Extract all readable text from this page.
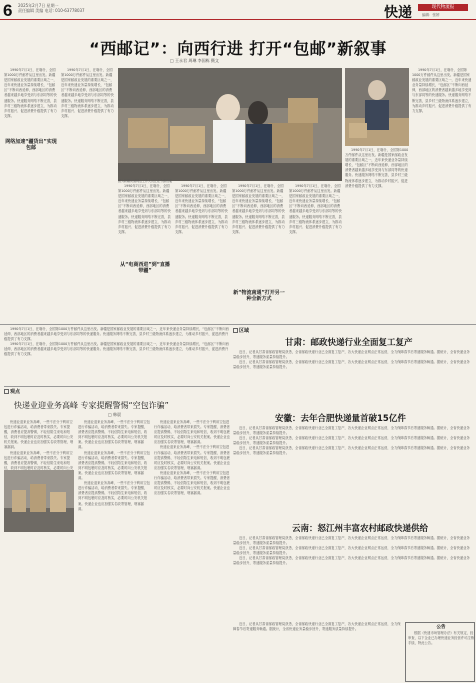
6 2025年2月7日 星期一
责任编辑 美编 电话: 010-63778037	快递	现代物流报
编辑：张婷
“西邮记”：向西行进 打开“包邮”新叙事
□ 王永君 周琳 李国栋 摄文

1990年7月1日，在喀什，全国第1000万件邮件从这里出发。新疆是国家邮政业发展的重要区域之一，近年来快递业务量持续增长，“包邮区”不断向西延伸，西部地区的消费者越来越多地享受到与东部同等的快递服务。快递服务网络不断完善，县乡村三级物流体系逐步建立，为推动乡村振兴、促进消费升级提供了有力支撑。

网络加速“疆货出”实现包邮

1990年7月1日，在喀什，全国第1000万件邮件从这里出发。新疆是国家邮政业发展的重要区域之一，近年来快递业务量持续增长，“包邮区”不断向西延伸，西部地区的消费者越来越多地享受到与东部同等的快递服务。快递服务网络不断完善，县乡村三级物流体系逐步建立，为推动乡村振兴、促进消费升级提供了有力支撑。

1990年7月1日，在喀什，全国第1000万件邮件从这里出发。新疆是国家邮政业发展的重要区域之一，近年来快递业务量持续增长，“包邮区”不断向西延伸，西部地区的消费者越来越多地享受到与东部同等的快递服务。快递服务网络不断完善，县乡村三级物流体系逐步建立，为推动乡村振兴、促进消费升级提供了有力支撑。

从“电商西进”到“直播带疆”

1990年7月1日，在喀什，全国第1000万件邮件从这里出发。新疆是国家邮政业发展的重要区域之一，近年来快递业务量持续增长，“包邮区”不断向西延伸，西部地区的消费者越来越多地享受到与东部同等的快递服务。快递服务网络不断完善，县乡村三级物流体系逐步建立，为推动乡村振兴、促进消费升级提供了有力支撑。

1990年7月1日，在喀什，全国第1000万件邮件从这里出发。新疆是国家邮政业发展的重要区域之一，近年来快递业务量持续增长，“包邮区”不断向西延伸，西部地区的消费者越来越多地享受到与东部同等的快递服务。快递服务网络不断完善，县乡村三级物流体系逐步建立，为推动乡村振兴、促进消费升级提供了有力支撑。

新“物流南通”打开另一种全新方式

1990年7月1日，在喀什，全国第1000万件邮件从这里出发。新疆是国家邮政业发展的重要区域之一，近年来快递业务量持续增长，“包邮区”不断向西延伸，西部地区的消费者越来越多地享受到与东部同等的快递服务。快递服务网络不断完善，县乡村三级物流体系逐步建立，为推动乡村振兴、促进消费升级提供了有力支撑。

1990年7月1日，在喀什，全国第1000万件邮件从这里出发。新疆是国家邮政业发展的重要区域之一，近年来快递业务量持续增长，“包邮区”不断向西延伸，西部地区的消费者越来越多地享受到与东部同等的快递服务。快递服务网络不断完善，县乡村三级物流体系逐步建立，为推动乡村振兴、促进消费升级提供了有力支撑。

1990年7月1日，在喀什，全国第1000万件邮件从这里出发。新疆是国家邮政业发展的重要区域之一，近年来快递业务量持续增长，“包邮区”不断向西延伸，西部地区的消费者越来越多地享受到与东部同等的快递服务。快递服务网络不断完善，县乡村三级物流体系逐步建立，为推动乡村振兴、促进消费升级提供了有力支撑。

图为新疆快递网点工作人员正在分拣包裹
区域
甘肃：邮政快递行业全面复工复产

近日，记者从甘肃省邮政管理局获悉，全省邮政快递行业已全面复工复产，各大快递企业网点正常运营，全力保障春节后寄递服务畅通。据统计，全省快递业务量稳步回升，寄递服务质量持续提升。

近日，记者从甘肃省邮政管理局获悉，全省邮政快递行业已全面复工复产，各大快递企业网点正常运营，全力保障春节后寄递服务畅通。据统计，全省快递业务量稳步回升，寄递服务质量持续提升。

安徽：去年合肥快递量首破15亿件

近日，记者从甘肃省邮政管理局获悉，全省邮政快递行业已全面复工复产，各大快递企业网点正常运营，全力保障春节后寄递服务畅通。据统计，全省快递业务量稳步回升，寄递服务质量持续提升。

近日，记者从甘肃省邮政管理局获悉，全省邮政快递行业已全面复工复产，各大快递企业网点正常运营，全力保障春节后寄递服务畅通。据统计，全省快递业务量稳步回升，寄递服务质量持续提升。

近日，记者从甘肃省邮政管理局获悉，全省邮政快递行业已全面复工复产，各大快递企业网点正常运营，全力保障春节后寄递服务畅通。据统计，全省快递业务量稳步回升，寄递服务质量持续提升。

云南：怒江州丰富农村邮政快递供给

近日，记者从甘肃省邮政管理局获悉，全省邮政快递行业已全面复工复产，各大快递企业网点正常运营，全力保障春节后寄递服务畅通。据统计，全省快递业务量稳步回升，寄递服务质量持续提升。

近日，记者从甘肃省邮政管理局获悉，全省邮政快递行业已全面复工复产，各大快递企业网点正常运营，全力保障春节后寄递服务畅通。据统计，全省快递业务量稳步回升，寄递服务质量持续提升。

近日，记者从甘肃省邮政管理局获悉，全省邮政快递行业已全面复工复产，各大快递企业网点正常运营，全力保障春节后寄递服务畅通。据统计，全省快递业务量稳步回升，寄递服务质量持续提升。

1990年7月1日，在喀什，全国第1000万件邮件从这里出发。新疆是国家邮政业发展的重要区域之一，近年来快递业务量持续增长，“包邮区”不断向西延伸，西部地区的消费者越来越多地享受到与东部同等的快递服务。快递服务网络不断完善，县乡村三级物流体系逐步建立，为推动乡村振兴、促进消费升级提供了有力支撑。

1990年7月1日，在喀什，全国第1000万件邮件从这里出发。新疆是国家邮政业发展的重要区域之一，近年来快递业务量持续增长，“包邮区”不断向西延伸，西部地区的消费者越来越多地享受到与东部同等的快递服务。快递服务网络不断完善，县乡村三级物流体系逐步建立，为推动乡村振兴、促进消费升级提供了有力支撑。

观点
快递业迎业务高峰 专家提醒警惕“空包诈骗”
□ 韩晨

快递业迎来业务高峰，一些不法分子利用空包进行诈骗活动，给消费者带来损失。专家提醒，消费者应提高警惕，不轻信陌生来电和短信，收到不明包裹时应及时核实，必要时向公安机关报案。快递企业也应加强实名收寄管理，堵塞漏洞。

快递业迎来业务高峰，一些不法分子利用空包进行诈骗活动，给消费者带来损失。专家提醒，消费者应提高警惕，不轻信陌生来电和短信，收到不明包裹时应及时核实，必要时向公安

快递业迎来业务高峰，一些不法分子利用空包进行诈骗活动，给消费者带来损失。专家提醒，消费者应提高警惕，不轻信陌生来电和短信，收到不明包裹时应及时核实，必要时向公安机关报案。快递企业也应加强实名收寄管理，堵塞漏洞。

快递业迎来业务高峰，一些不法分子利用空包进行诈骗活动，给消费者带来损失。专家提醒，消费者应提高警惕，不轻信陌生来电和短信，收到不明包裹时应及时核实，必要时向公安机关报案。快递企业也应加强实名收寄管理，堵塞漏洞。

快递业迎来业务高峰，一些不法分子利用空包进行诈骗活动，给消费者带来损失。专家提醒，消费者应提高警惕，不轻信陌生来电和短信，收到不明包裹时应及时核实，必要时向公安机关报案。快递企业也应加强实名收寄管理，堵塞漏洞。

快递业迎来业务高峰，一些不法分子利用空包进行诈骗活动，给消费者带来损失。专家提醒，消费者应提高警惕，不轻信陌生来电和短信，收到不明包裹时应及时核实，必要时向公安机关报案。快递企业也应加强实名收寄管理，堵塞漏洞。

快递业迎来业务高峰，一些不法分子利用空包进行诈骗活动，给消费者带来损失。专家提醒，消费者应提高警惕，不轻信陌生来电和短信，收到不明包裹时应及时核实，必要时向公安机关报案。快递企业也应加强实名收寄管理，堵塞漏洞。

快递业迎来业务高峰，一些不法分子利用空包进行诈骗活动，给消费者带来损失。专家提醒，消费者应提高警惕，不轻信陌生来电和短信，收到不明包裹时应及时核实，必要时向公安机关报案。快递企业也应加强实名收寄管理，堵塞漏洞。

近日，记者从甘肃省邮政管理局获悉，全省邮政快递行业已全面复工复产，各大快递企业网点正常运营，全力保障春节后寄递服务畅通。据统计，全省快递业务量稳步回升，寄递服务质量持续提升。	公告

根据《快递市场管理办法》有关规定，经审查，以下企业已办理快递业务经营许可注销手续，特此公告。
